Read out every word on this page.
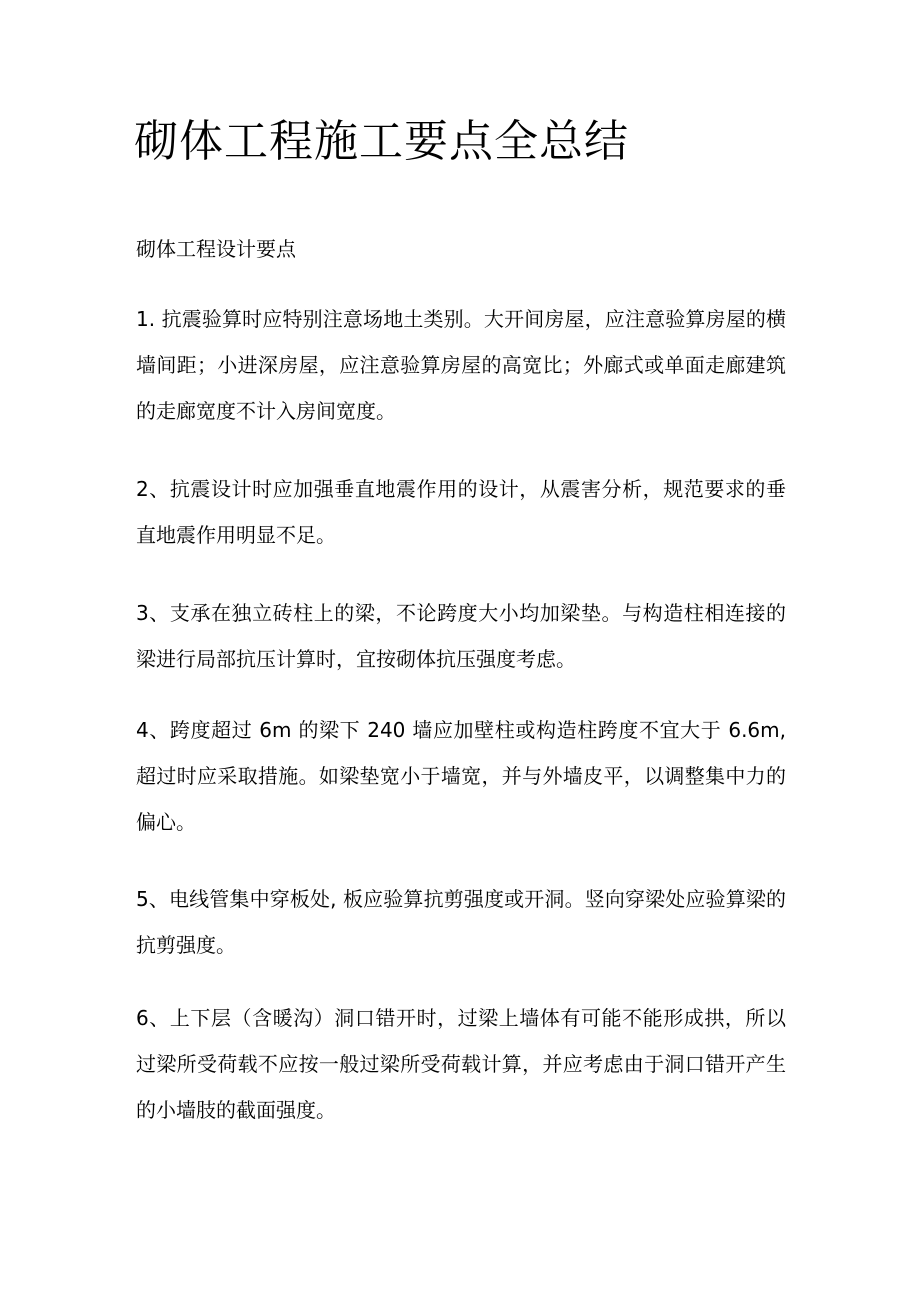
砌体工程施工要点全总结

砌体工程设计要点

1. 抗震验算时应特别注意场地土类别。大开间房屋，应注意验算房屋的横墙间距；小进深房屋，应注意验算房屋的高宽比；外廊式或单面走廊建筑的走廊宽度不计入房间宽度。

2、抗震设计时应加强垂直地震作用的设计，从震害分析，规范要求的垂直地震作用明显不足。

3、支承在独立砖柱上的梁，不论跨度大小均加梁垫。与构造柱相连接的梁进行局部抗压计算时，宜按砌体抗压强度考虑。

4、跨度超过 6m 的梁下 240 墙应加壁柱或构造柱跨度不宜大于 6.6m,超过时应采取措施。如梁垫宽小于墙宽，并与外墙皮平，以调整集中力的偏心。

5、电线管集中穿板处, 板应验算抗剪强度或开洞。竖向穿梁处应验算梁的抗剪强度。

6、上下层（含暖沟）洞口错开时，过梁上墙体有可能不能形成拱，所以过梁所受荷载不应按一般过梁所受荷载计算，并应考虑由于洞口错开产生的小墙肢的截面强度。
